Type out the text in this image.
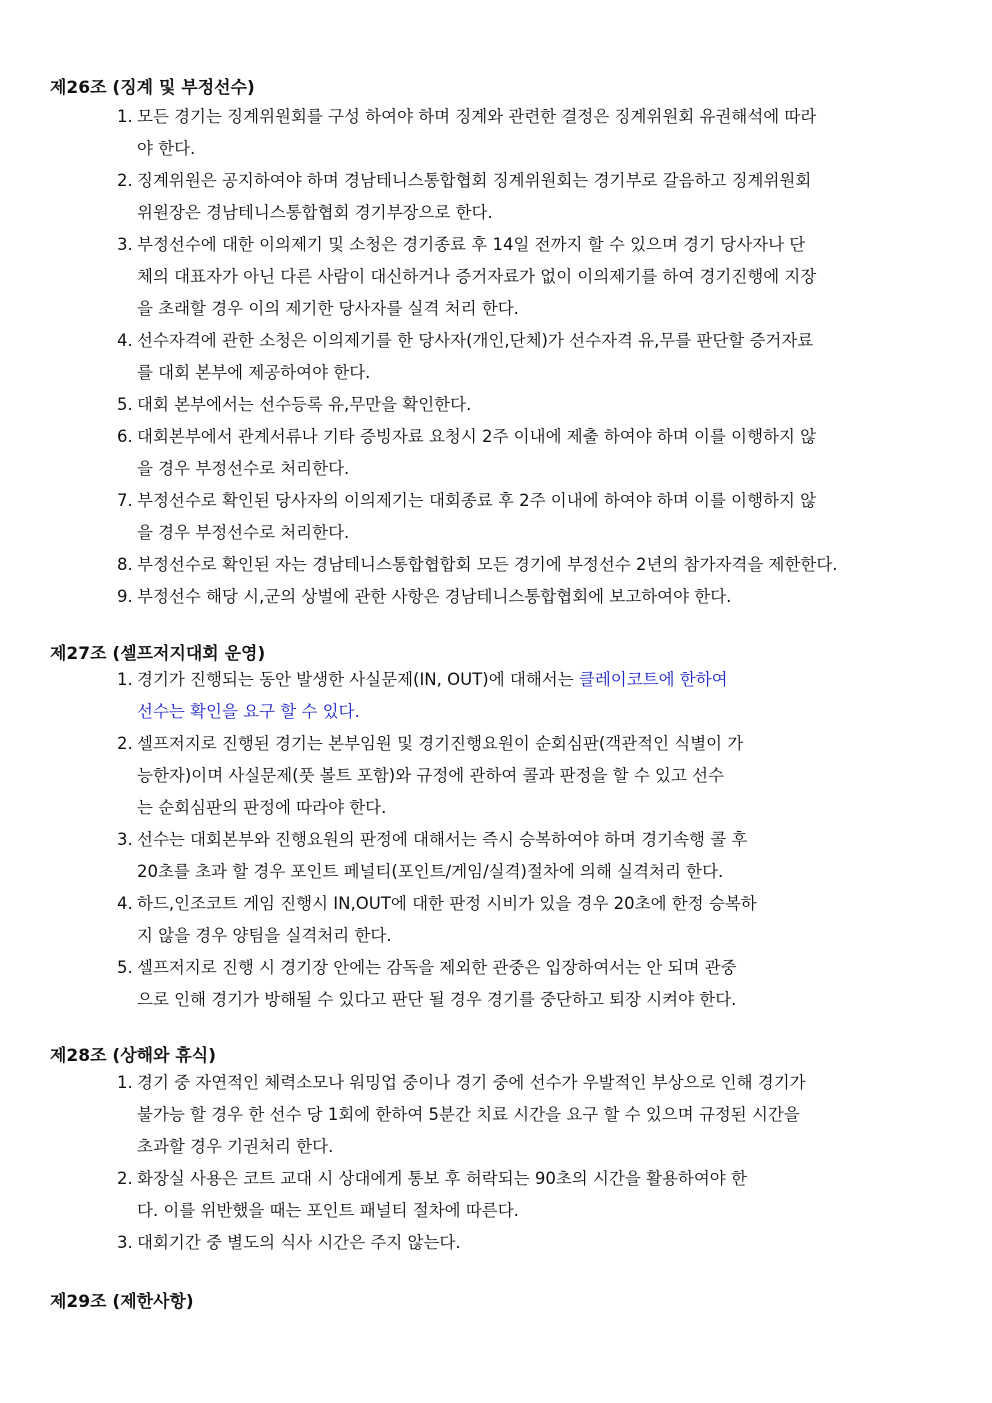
제26조 (징계 및 부정선수)
1. 모든 경기는 징계위원회를 구성 하여야 하며 징계와 관련한 결정은 징계위원회 유권해석에 따라
야 한다.
2. 징계위원은 공지하여야 하며 경남테니스통합협회 징계위원회는 경기부로 갈음하고 징계위원회
위원장은 경남테니스통합협회 경기부장으로 한다.
3. 부정선수에 대한 이의제기 및 소청은 경기종료 후 14일 전까지 할 수 있으며 경기 당사자나 단
체의 대표자가 아닌 다른 사람이 대신하거나 증거자료가 없이 이의제기를 하여 경기진행에 지장
을 초래할 경우 이의 제기한 당사자를 실격 처리 한다.
4. 선수자격에 관한 소청은 이의제기를 한 당사자(개인,단체)가 선수자격 유,무를 판단할 증거자료
를 대회 본부에 제공하여야 한다.
5. 대회 본부에서는 선수등록 유,무만을 확인한다.
6. 대회본부에서 관계서류나 기타 증빙자료 요청시 2주 이내에 제출 하여야 하며 이를 이행하지 않
을 경우 부정선수로 처리한다.
7. 부정선수로 확인된 당사자의 이의제기는 대회종료 후 2주 이내에 하여야 하며 이를 이행하지 않
을 경우 부정선수로 처리한다.
8. 부정선수로 확인된 자는 경남테니스통합협합회 모든 경기에 부정선수 2년의 참가자격을 제한한다.
9. 부정선수 해당 시,군의 상벌에 관한 사항은 경남테니스통합협회에 보고하여야 한다.
제27조 (셀프저지대회 운영)
1. 경기가 진행되는 동안 발생한 사실문제(IN, OUT)에 대해서는 클레이코트에 한하여
선수는 확인을 요구 할 수 있다.
2. 셀프저지로 진행된 경기는 본부임원 및 경기진행요원이 순회심판(객관적인 식별이 가
능한자)이며 사실문제(풋 볼트 포함)와 규정에 관하여 콜과 판정을 할 수 있고 선수
는 순회심판의 판정에 따라야 한다.
3. 선수는 대회본부와 진행요원의 판정에 대해서는 즉시 승복하여야 하며 경기속행 콜 후
20초를 초과 할 경우 포인트 페널티(포인트/게임/실격)절차에 의해 실격처리 한다.
4. 하드,인조코트 게임 진행시 IN,OUT에 대한 판정 시비가 있을 경우 20초에 한정 승복하
지 않을 경우 양팀을 실격처리 한다.
5. 셀프저지로 진행 시 경기장 안에는 감독을 제외한 관중은 입장하여서는 안 되며 관중
으로 인해 경기가 방해될 수 있다고 판단 될 경우 경기를 중단하고 퇴장 시켜야 한다.
제28조 (상해와 휴식)
1. 경기 중 자연적인 체력소모나 워밍업 중이나 경기 중에 선수가 우발적인 부상으로 인해 경기가
불가능 할 경우 한 선수 당 1회에 한하여 5분간 치료 시간을 요구 할 수 있으며 규정된 시간을
초과할 경우 기권처리 한다.
2. 화장실 사용은 코트 교대 시 상대에게 통보 후 허락되는 90초의 시간을 활용하여야 한
다. 이를 위반했을 때는 포인트 패널티 절차에 따른다.
3. 대회기간 중 별도의 식사 시간은 주지 않는다.
제29조 (제한사항)
